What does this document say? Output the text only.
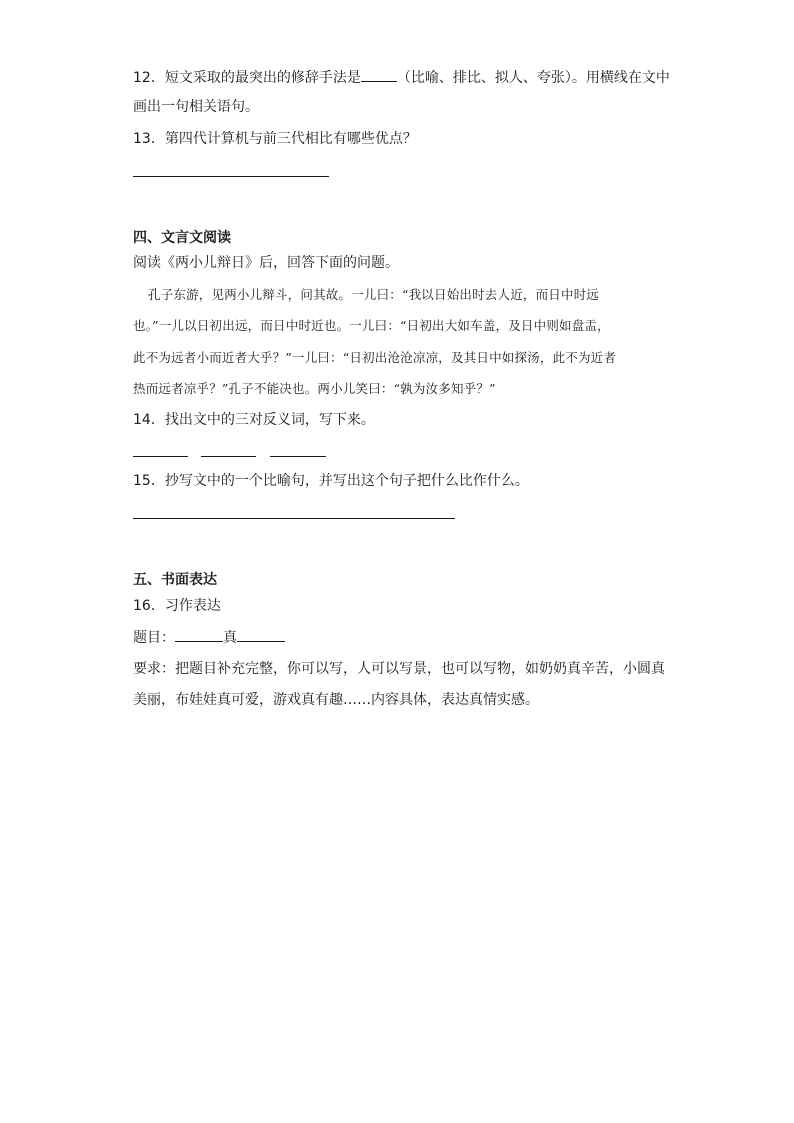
12．短文采取的最突出的修辞手法是	（比喻、排比、拟人、夸张）。用横线在文中
画出一句相关语句。
13．第四代计算机与前三代相比有哪些优点？
四、文言文阅读
阅读《两小儿辩日》后，回答下面的问题。
孔子东游，见两小儿辩斗，问其故。一儿曰：“我以日始出时去人近，而日中时远
也。”一儿以日初出远，而日中时近也。一儿曰：“日初出大如车盖，及日中则如盘盂，
此不为远者小而近者大乎？”一儿曰：“日初出沧沧凉凉，及其日中如探汤，此不为近者
热而远者凉乎？”孔子不能决也。两小儿笑曰：“孰为汝多知乎？”
14．找出文中的三对反义词，写下来。
15．抄写文中的一个比喻句，并写出这个句子把什么比作什么。
五、书面表达
16．习作表达
题目：	真
要求：把题目补充完整，你可以写，人可以写景，也可以写物，如奶奶真辛苦，小圆真
美丽，布娃娃真可爱，游戏真有趣……内容具体，表达真情实感。
